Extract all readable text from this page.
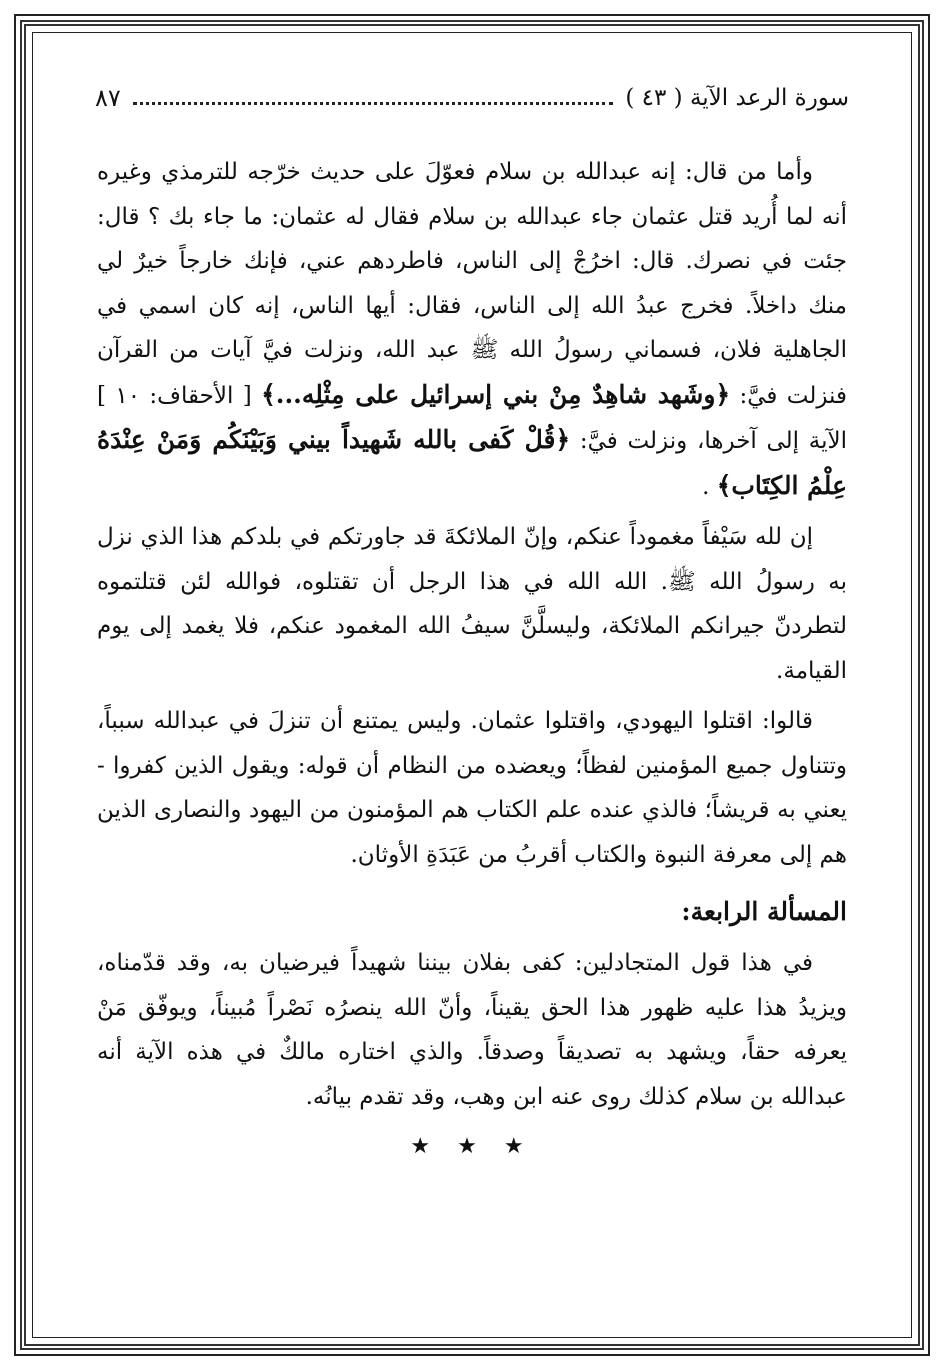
سورة الرعد الآية ( ٤٣ )
٨٧

وأما من قال: إنه عبدالله بن سلام فعوّلَ على حديث خرّجه للترمذي وغيره أنه لما أُريد قتل عثمان جاء عبدالله بن سلام فقال له عثمان: ما جاء بك ؟ قال: جئت في نصرك. قال: اخرُجْ إلى الناس، فاطردهم عني، فإنك خارجاً خيرٌ لي منك داخلاً. فخرج عبدُ الله إلى الناس، فقال: أيها الناس، إنه كان اسمي في الجاهلية فلان، فسماني رسولُ الله ﷺ عبد الله، ونزلت فيَّ آيات من القرآن فنزلت فيَّ: ﴿وشَهد شاهِدٌ مِنْ بني إسرائيل على مِثْلِه...﴾ [ الأحقاف: ١٠ ] الآية إلى آخرها، ونزلت فيَّ: ﴿قُلْ كَفى بالله شَهيداً بيني وَبَيْنَكُم وَمَنْ عِنْدَهُ عِلْمُ الكِتَاب﴾ .

إن لله سَيْفاً مغموداً عنكم، وإنّ الملائكةَ قد جاورتكم في بلدكم هذا الذي نزل به رسولُ الله ﷺ. الله الله في هذا الرجل أن تقتلوه، فوالله لئن قتلتموه لتطردنّ جيرانكم الملائكة، وليسلَّنَّ سيفُ الله المغمود عنكم، فلا يغمد إلى يوم القيامة.

قالوا: اقتلوا اليهودي، واقتلوا عثمان. وليس يمتنع أن تنزلَ في عبدالله سبباً، وتتناول جميع المؤمنين لفظاً؛ ويعضده من النظام أن قوله: ويقول الذين كفروا - يعني به قريشاً؛ فالذي عنده علم الكتاب هم المؤمنون من اليهود والنصارى الذين هم إلى معرفة النبوة والكتاب أقربُ من عَبَدَةِ الأوثان.

المسألة الرابعة:

في هذا قول المتجادلين: كفى بفلان بيننا شهيداً فيرضيان به، وقد قدّمناه، ويزيدُ هذا عليه ظهور هذا الحق يقيناً، وأنّ الله ينصرُه نَصْراً مُبيناً، ويوفّق مَنْ يعرفه حقاً، ويشهد به تصديقاً وصدقاً. والذي اختاره مالكٌ في هذه الآية أنه عبدالله بن سلام كذلك روى عنه ابن وهب، وقد تقدم بيانُه.

★ ★ ★
